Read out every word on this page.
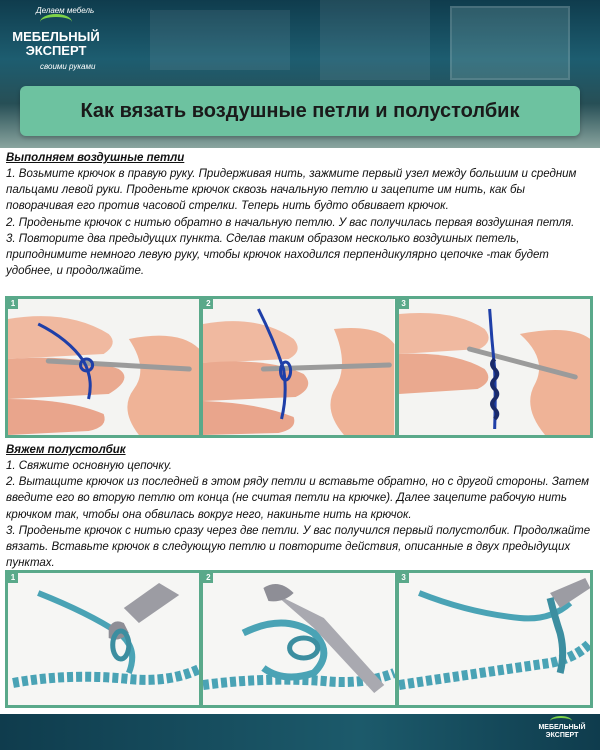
Делаем мебель
МЕБЕЛЬНЫЙ ЭКСПЕРТ
своими руками
Как вязать воздушные петли и полустолбик
Выполняем воздушные петли

1. Возьмите крючок в правую руку. Придерживая нить, зажмите первый узел между большим и средним пальцами левой руки. Проденьте крючок сквозь начальную петлю и зацепите им нить, как бы поворачивая его против часовой стрелки. Теперь нить будто обвивает крючок.

2. Проденьте крючок с нитью обратно в начальную петлю. У вас получилась первая воздушная петля.

3. Повторите два предыдущих пункта. Сделав таким образом несколько воздушных петель, приподнимите немного левую руку, чтобы крючок находился перпендикулярно цепочке -так будет удобнее, и продолжайте.

1	2	3
Вяжем полустолбик

1. Свяжите основную цепочку.

2. Вытащите крючок из последней в этом ряду петли и вставьте обратно, но с другой стороны. Затем введите его во вторую петлю от конца (не считая петли на крючке). Далее зацепите рабочую нить крючком так, чтобы она обвилась вокруг него, накиньте нить на крючок.

3. Проденьте крючок с нитью сразу через две петли. У вас получился первый полустолбик. Продолжайте вязать. Вставьте крючок в следующую петлю и повторите действия, описанные в двух предыдущих пунктах.

1	2	3
МЕБЕЛЬНЫЙ ЭКСПЕРТ
